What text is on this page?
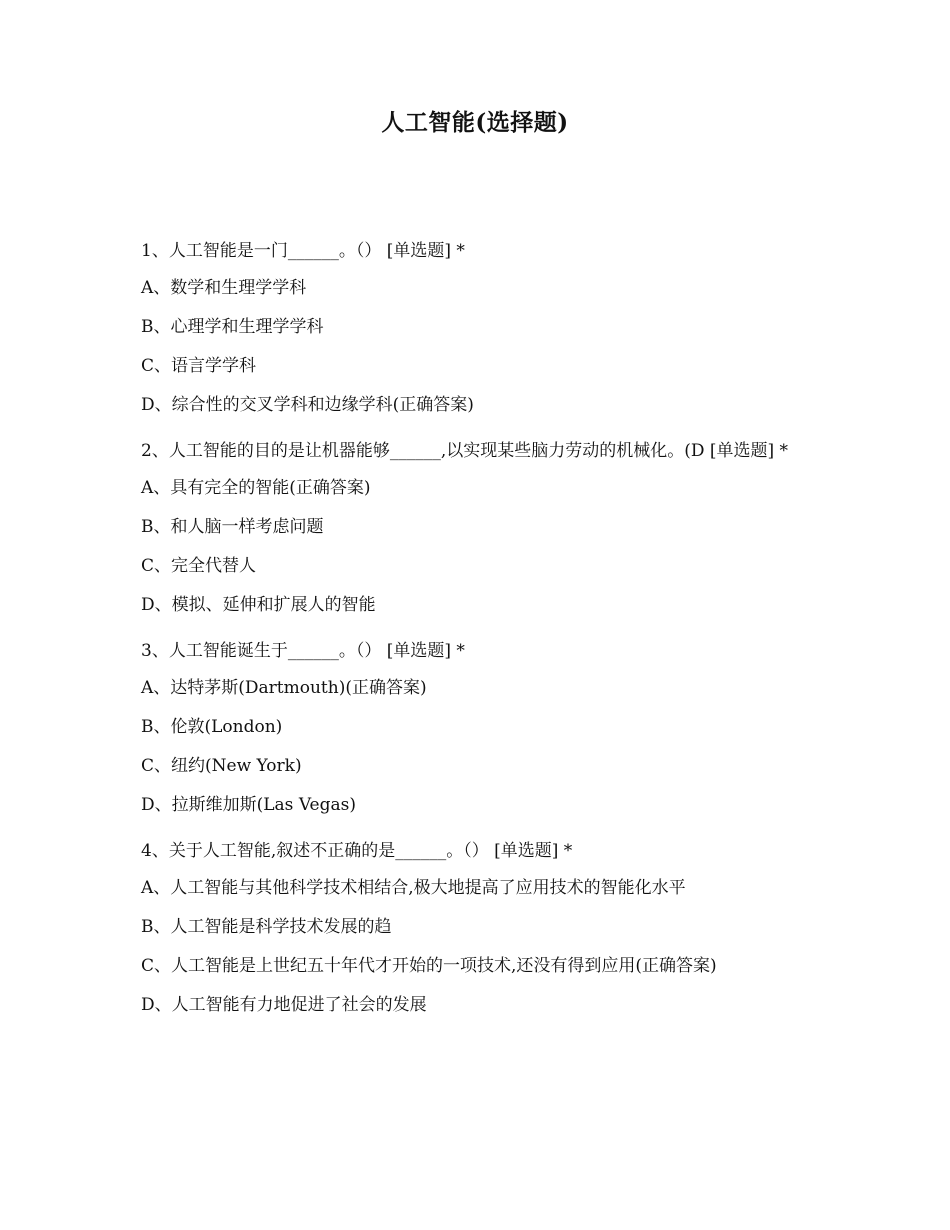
人工智能(选择题)
1、人工智能是一门______。（） [单选题] *
A、数学和生理学学科
B、心理学和生理学学科
C、语言学学科
D、综合性的交叉学科和边缘学科(正确答案)
2、人工智能的目的是让机器能够______,以实现某些脑力劳动的机械化。(D [单选题] *
A、具有完全的智能(正确答案)
B、和人脑一样考虑问题
C、完全代替人
D、模拟、延伸和扩展人的智能
3、人工智能诞生于______。（） [单选题] *
A、达特茅斯(Dartmouth)(正确答案)
B、伦敦(London)
C、纽约(New York)
D、拉斯维加斯(Las Vegas)
4、关于人工智能,叙述不正确的是______。（） [单选题] *
A、人工智能与其他科学技术相结合,极大地提高了应用技术的智能化水平
B、人工智能是科学技术发展的趋
C、人工智能是上世纪五十年代才开始的一项技术,还没有得到应用(正确答案)
D、人工智能有力地促进了社会的发展
